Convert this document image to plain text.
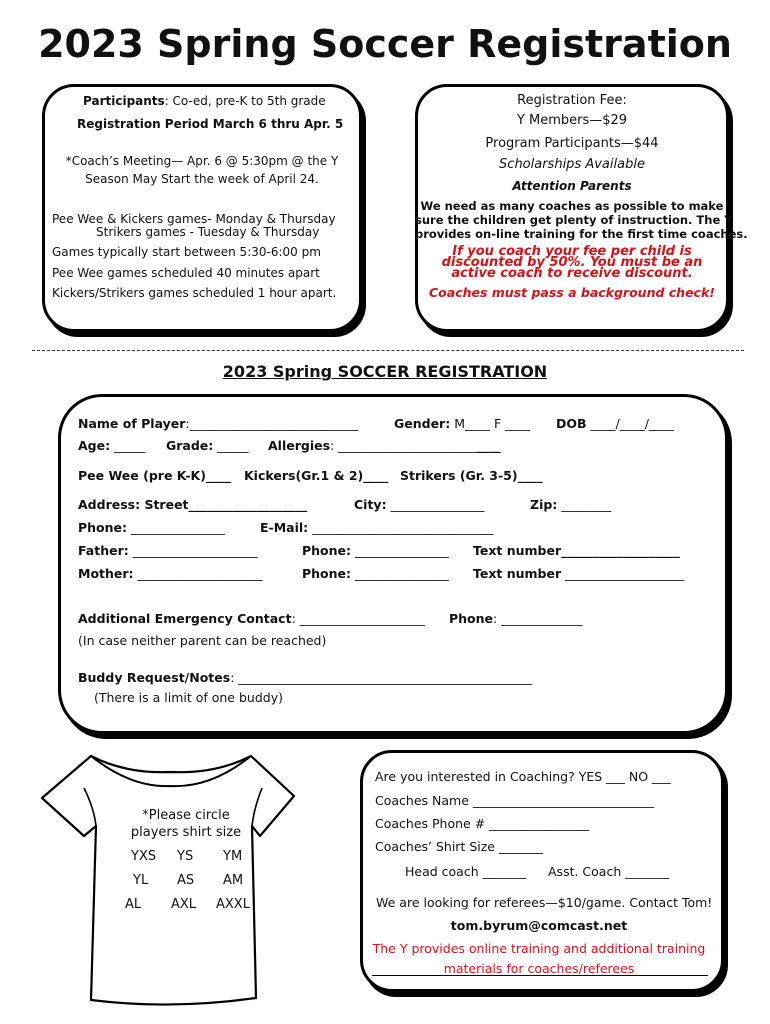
2023 Spring Soccer Registration
Participants: Co-ed, pre-K to 5th grade
Registration Period March 6 thru Apr. 5
*Coach’s Meeting— Apr. 6 @ 5:30pm @ the Y
Season May Start the week of April 24.
Pee Wee & Kickers games- Monday & Thursday
Strikers games - Tuesday & Thursday
Games typically start between 5:30-6:00 pm
Pee Wee games scheduled 40 minutes apart
Kickers/Strikers games scheduled 1 hour apart.
Registration Fee:
Y Members—$29
Program Participants—$44
Scholarships Available
Attention Parents
We need as many coaches as possible to make
sure the children get plenty of instruction. The Y
provides on-line training for the first time coaches.
If you coach your fee per child is
discounted by 50%. You must be an
active coach to receive discount.
Coaches must pass a background check!
2023 Spring SOCCER REGISTRATION
Name of Player:___________________________	Gender: M____ F ____ DOB ____/____/____
Age: _____ Grade: _____ Allergies: __________________________
Pee Wee (pre K-K)____ Kickers(Gr.1 & 2)____ Strikers (Gr. 3-5)____
Address: Street___________________	City: _______________	Zip: ________
Phone: _______________	E-Mail: _____________________________
Father: ____________________	Phone: _______________ Text number___________________
Mother: ____________________	Phone: _______________ Text number ___________________
Additional Emergency Contact: ____________________ Phone: _____________
(In case neither parent can be reached)
Buddy Request/Notes: _______________________________________________
(There is a limit of one buddy)
*Please circle
players shirt size
YXS YS YM
YL AS AM
AL AXL AXXL
Are you interested in Coaching? YES ___ NO ___
Coaches Name _____________________________
Coaches Phone # ________________
Coaches’ Shirt Size _______
Head coach _______ Asst. Coach _______
We are looking for referees—$10/game. Contact Tom!
tom.byrum@comcast.net
The Y provides online training and additional training
materials for coaches/referees
